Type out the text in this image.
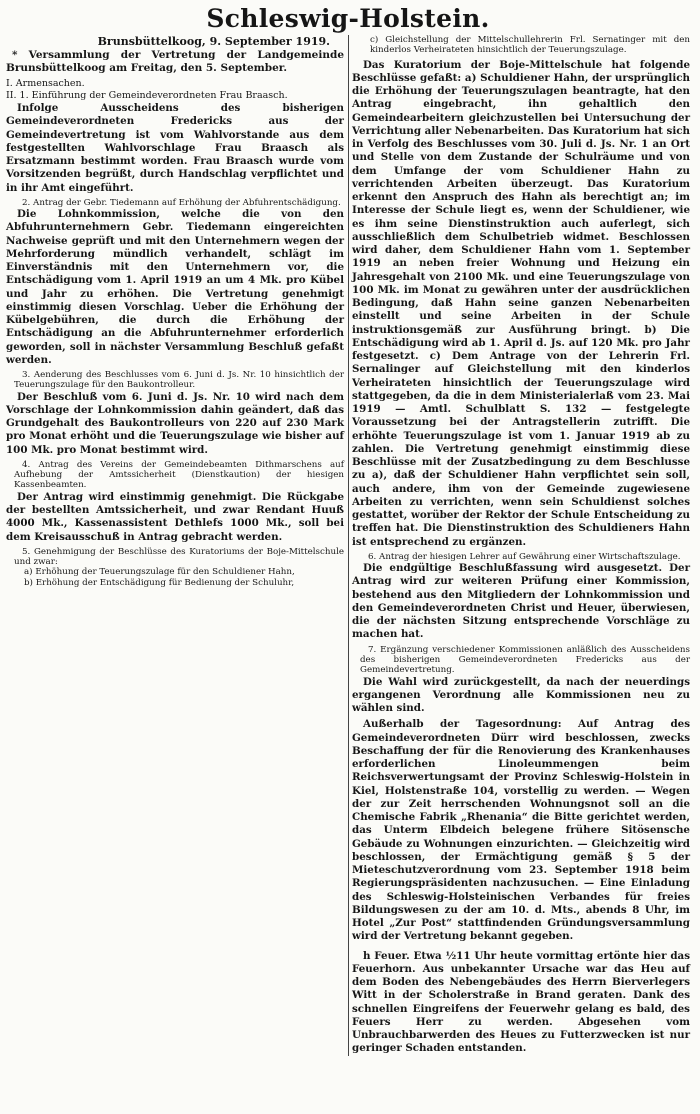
Schleswig-Holstein.

Brunsbüttelkoog, 9. September 1919.

* Versammlung der Vertretung der Landgemeinde Brunsbüttelkoog am Freitag, den 5. September.

I. Armensachen.

II. 1. Einführung der Gemeindeverordneten Frau Braasch.

Infolge Ausscheidens des bisherigen Gemeindeverordneten Fredericks aus der Gemeindevertretung ist vom Wahlvorstande aus dem festgestellten Wahlvorschlage Frau Braasch als Ersatzmann bestimmt worden. Frau Braasch wurde vom Vorsitzenden begrüßt, durch Handschlag verpflichtet und in ihr Amt eingeführt.

2. Antrag der Gebr. Tiedemann auf Erhöhung der Abfuhrentschädigung.

Die Lohnkommission, welche die von den Abfuhrunternehmern Gebr. Tiedemann eingereichten Nachweise geprüft und mit den Unternehmern wegen der Mehrforderung mündlich verhandelt, schlägt im Einverständnis mit den Unternehmern vor, die Entschädigung vom 1. April 1919 an um 4 Mk. pro Kübel und Jahr zu erhöhen. Die Vertretung genehmigt einstimmig diesen Vorschlag. Ueber die Erhöhung der Kübelgebühren, die durch die Erhöhung der Entschädigung an die Abfuhrunternehmer erforderlich geworden, soll in nächster Versammlung Beschluß gefaßt werden.

3. Aenderung des Beschlusses vom 6. Juni d. Js. Nr. 10 hinsichtlich der Teuerungszulage für den Baukontrolleur.

Der Beschluß vom 6. Juni d. Js. Nr. 10 wird nach dem Vorschlage der Lohnkommission dahin geändert, daß das Grundgehalt des Baukontrolleurs von 220 auf 230 Mark pro Monat erhöht und die Teuerungszulage wie bisher auf 100 Mk. pro Monat bestimmt wird.

4. Antrag des Vereins der Gemeindebeamten Dithmarschens auf Aufhebung der Amtssicherheit (Dienstkaution) der hiesigen Kassenbeamten.

Der Antrag wird einstimmig genehmigt. Die Rückgabe der bestellten Amtssicherheit, und zwar Rendant Huuß 4000 Mk., Kassenassistent Dethlefs 1000 Mk., soll bei dem Kreisausschuß in Antrag gebracht werden.

5. Genehmigung der Beschlüsse des Kuratoriums der Boje-Mittelschule und zwar:

a) Erhöhung der Teuerungszulage für den Schuldiener Hahn,

b) Erhöhung der Entschädigung für Bedienung der Schuluhr,

c) Gleichstellung der Mittelschullehrerin Frl. Sernatinger mit den kinderlos Verheirateten hinsichtlich der Teuerungszulage.

Das Kuratorium der Boje-Mittelschule hat folgende Beschlüsse gefaßt: a) Schuldiener Hahn, der ursprünglich die Erhöhung der Teuerungszulagen beantragte, hat den Antrag eingebracht, ihn gehaltlich den Gemeindearbeitern gleichzustellen bei Untersuchung der Verrichtung aller Nebenarbeiten. Das Kuratorium hat sich in Verfolg des Beschlusses vom 30. Juli d. Js. Nr. 1 an Ort und Stelle von dem Zustande der Schulräume und von dem Umfange der vom Schuldiener Hahn zu verrichtenden Arbeiten überzeugt. Das Kuratorium erkennt den Anspruch des Hahn als berechtigt an; im Interesse der Schule liegt es, wenn der Schuldiener, wie es ihm seine Dienstinstruktion auch auferlegt, sich ausschließlich dem Schulbetrieb widmet. Beschlossen wird daher, dem Schuldiener Hahn vom 1. September 1919 an neben freier Wohnung und Heizung ein Jahresgehalt von 2100 Mk. und eine Teuerungszulage von 100 Mk. im Monat zu gewähren unter der ausdrücklichen Bedingung, daß Hahn seine ganzen Nebenarbeiten einstellt und seine Arbeiten in der Schule instruktionsgemäß zur Ausführung bringt. b) Die Entschädigung wird ab 1. April d. Js. auf 120 Mk. pro Jahr festgesetzt. c) Dem Antrage von der Lehrerin Frl. Sernalinger auf Gleichstellung mit den kinderlos Verheirateten hinsichtlich der Teuerungszulage wird stattgegeben, da die in dem Ministerialerlaß vom 23. Mai 1919 — Amtl. Schulblatt S. 132 — festgelegte Voraussetzung bei der Antragstellerin zutrifft. Die erhöhte Teuerungszulage ist vom 1. Januar 1919 ab zu zahlen. Die Vertretung genehmigt einstimmig diese Beschlüsse mit der Zusatzbedingung zu dem Beschlusse zu a), daß der Schuldiener Hahn verpflichtet sein soll, auch andere, ihm von der Gemeinde zugewiesene Arbeiten zu verrichten, wenn sein Schuldienst solches gestattet, worüber der Rektor der Schule Entscheidung zu treffen hat. Die Dienstinstruktion des Schuldieners Hahn ist entsprechend zu ergänzen.

6. Antrag der hiesigen Lehrer auf Gewährung einer Wirtschaftszulage.

Die endgültige Beschlußfassung wird ausgesetzt. Der Antrag wird zur weiteren Prüfung einer Kommission, bestehend aus den Mitgliedern der Lohnkommission und den Gemeindeverordneten Christ und Heuer, überwiesen, die der nächsten Sitzung entsprechende Vorschläge zu machen hat.

7. Ergänzung verschiedener Kommissionen anläßlich des Ausscheidens des bisherigen Gemeindeverordneten Fredericks aus der Gemeindevertretung.

Die Wahl wird zurückgestellt, da nach der neuerdings ergangenen Verordnung alle Kommissionen neu zu wählen sind.

Außerhalb der Tagesordnung: Auf Antrag des Gemeindeverordneten Dürr wird beschlossen, zwecks Beschaffung der für die Renovierung des Krankenhauses erforderlichen Linoleummengen beim Reichsverwertungsamt der Provinz Schleswig-Holstein in Kiel, Holstenstraße 104, vorstellig zu werden. — Wegen der zur Zeit herrschenden Wohnungsnot soll an die Chemische Fabrik „Rhenania“ die Bitte gerichtet werden, das Unterm Elbdeich belegene frühere Sitösensche Gebäude zu Wohnungen einzurichten. — Gleichzeitig wird beschlossen, der Ermächtigung gemäß § 5 der Mieteschutzverordnung vom 23. September 1918 beim Regierungspräsidenten nachzusuchen. — Eine Einladung des Schleswig-Holsteinischen Verbandes für freies Bildungswesen zu der am 10. d. Mts., abends 8 Uhr, im Hotel „Zur Post“ stattfindenden Gründungsversammlung wird der Vertretung bekannt gegeben.

h Feuer. Etwa ½11 Uhr heute vormittag ertönte hier das Feuerhorn. Aus unbekannter Ursache war das Heu auf dem Boden des Nebengebäudes des Herrn Bierverlegers Witt in der Scholerstraße in Brand geraten. Dank des schnellen Eingreifens der Feuerwehr gelang es bald, des Feuers Herr zu werden. Abgesehen vom Unbrauchbarwerden des Heues zu Futterzwecken ist nur geringer Schaden entstanden.
